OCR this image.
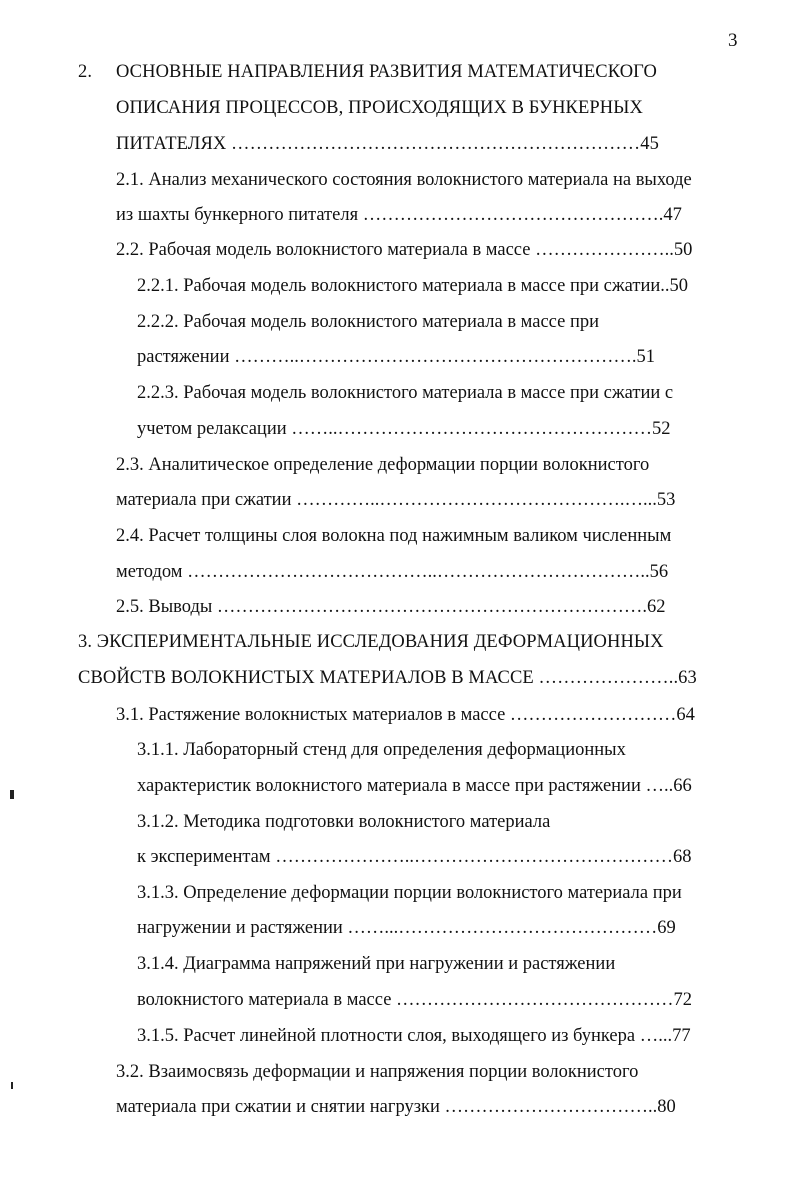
3
2. ОСНОВНЫЕ НАПРАВЛЕНИЯ РАЗВИТИЯ МАТЕМАТИЧЕСКОГО
ОПИСАНИЯ ПРОЦЕССОВ, ПРОИСХОДЯЩИХ В БУНКЕРНЫХ
ПИТАТЕЛЯХ …………………………………………………………45
2.1. Анализ механического состояния волокнистого материала на выходе
из шахты бункерного питателя ………………………………………….47
2.2. Рабочая модель волокнистого материала в массе …………………..50
2.2.1. Рабочая модель волокнистого материала в массе при сжатии..50
2.2.2. Рабочая модель волокнистого материала в массе при
растяжении ………..……………………………………………….51
2.2.3. Рабочая модель волокнистого материала в массе при сжатии с
учетом релаксации ……..……………………………………………52
2.3. Аналитическое определение деформации порции волокнистого
материала при сжатии …………..………………………………….…...53
2.4. Расчет толщины слоя волокна под нажимным валиком численным
методом …………………………………..……………………………..56
2.5. Выводы …………………………………………………………….62
3. ЭКСПЕРИМЕНТАЛЬНЫЕ ИССЛЕДОВАНИЯ ДЕФОРМАЦИОННЫХ
СВОЙСТВ ВОЛОКНИСТЫХ МАТЕРИАЛОВ В МАССЕ …………………..63
3.1. Растяжение волокнистых материалов в массе ………………………64
3.1.1. Лабораторный стенд для определения деформационных
характеристик волокнистого материала в массе при растяжении …..66
3.1.2. Методика подготовки волокнистого материала
к экспериментам …………………..……………………………………68
3.1.3. Определение деформации порции волокнистого материала при
нагружении и растяжении ……...……………………………………69
3.1.4. Диаграмма напряжений при нагружении и растяжении
волокнистого материала в массе ………………………………………72
3.1.5. Расчет линейной плотности слоя, выходящего из бункера …...77
3.2. Взаимосвязь деформации и напряжения порции волокнистого
материала при сжатии и снятии нагрузки ……………………………..80
